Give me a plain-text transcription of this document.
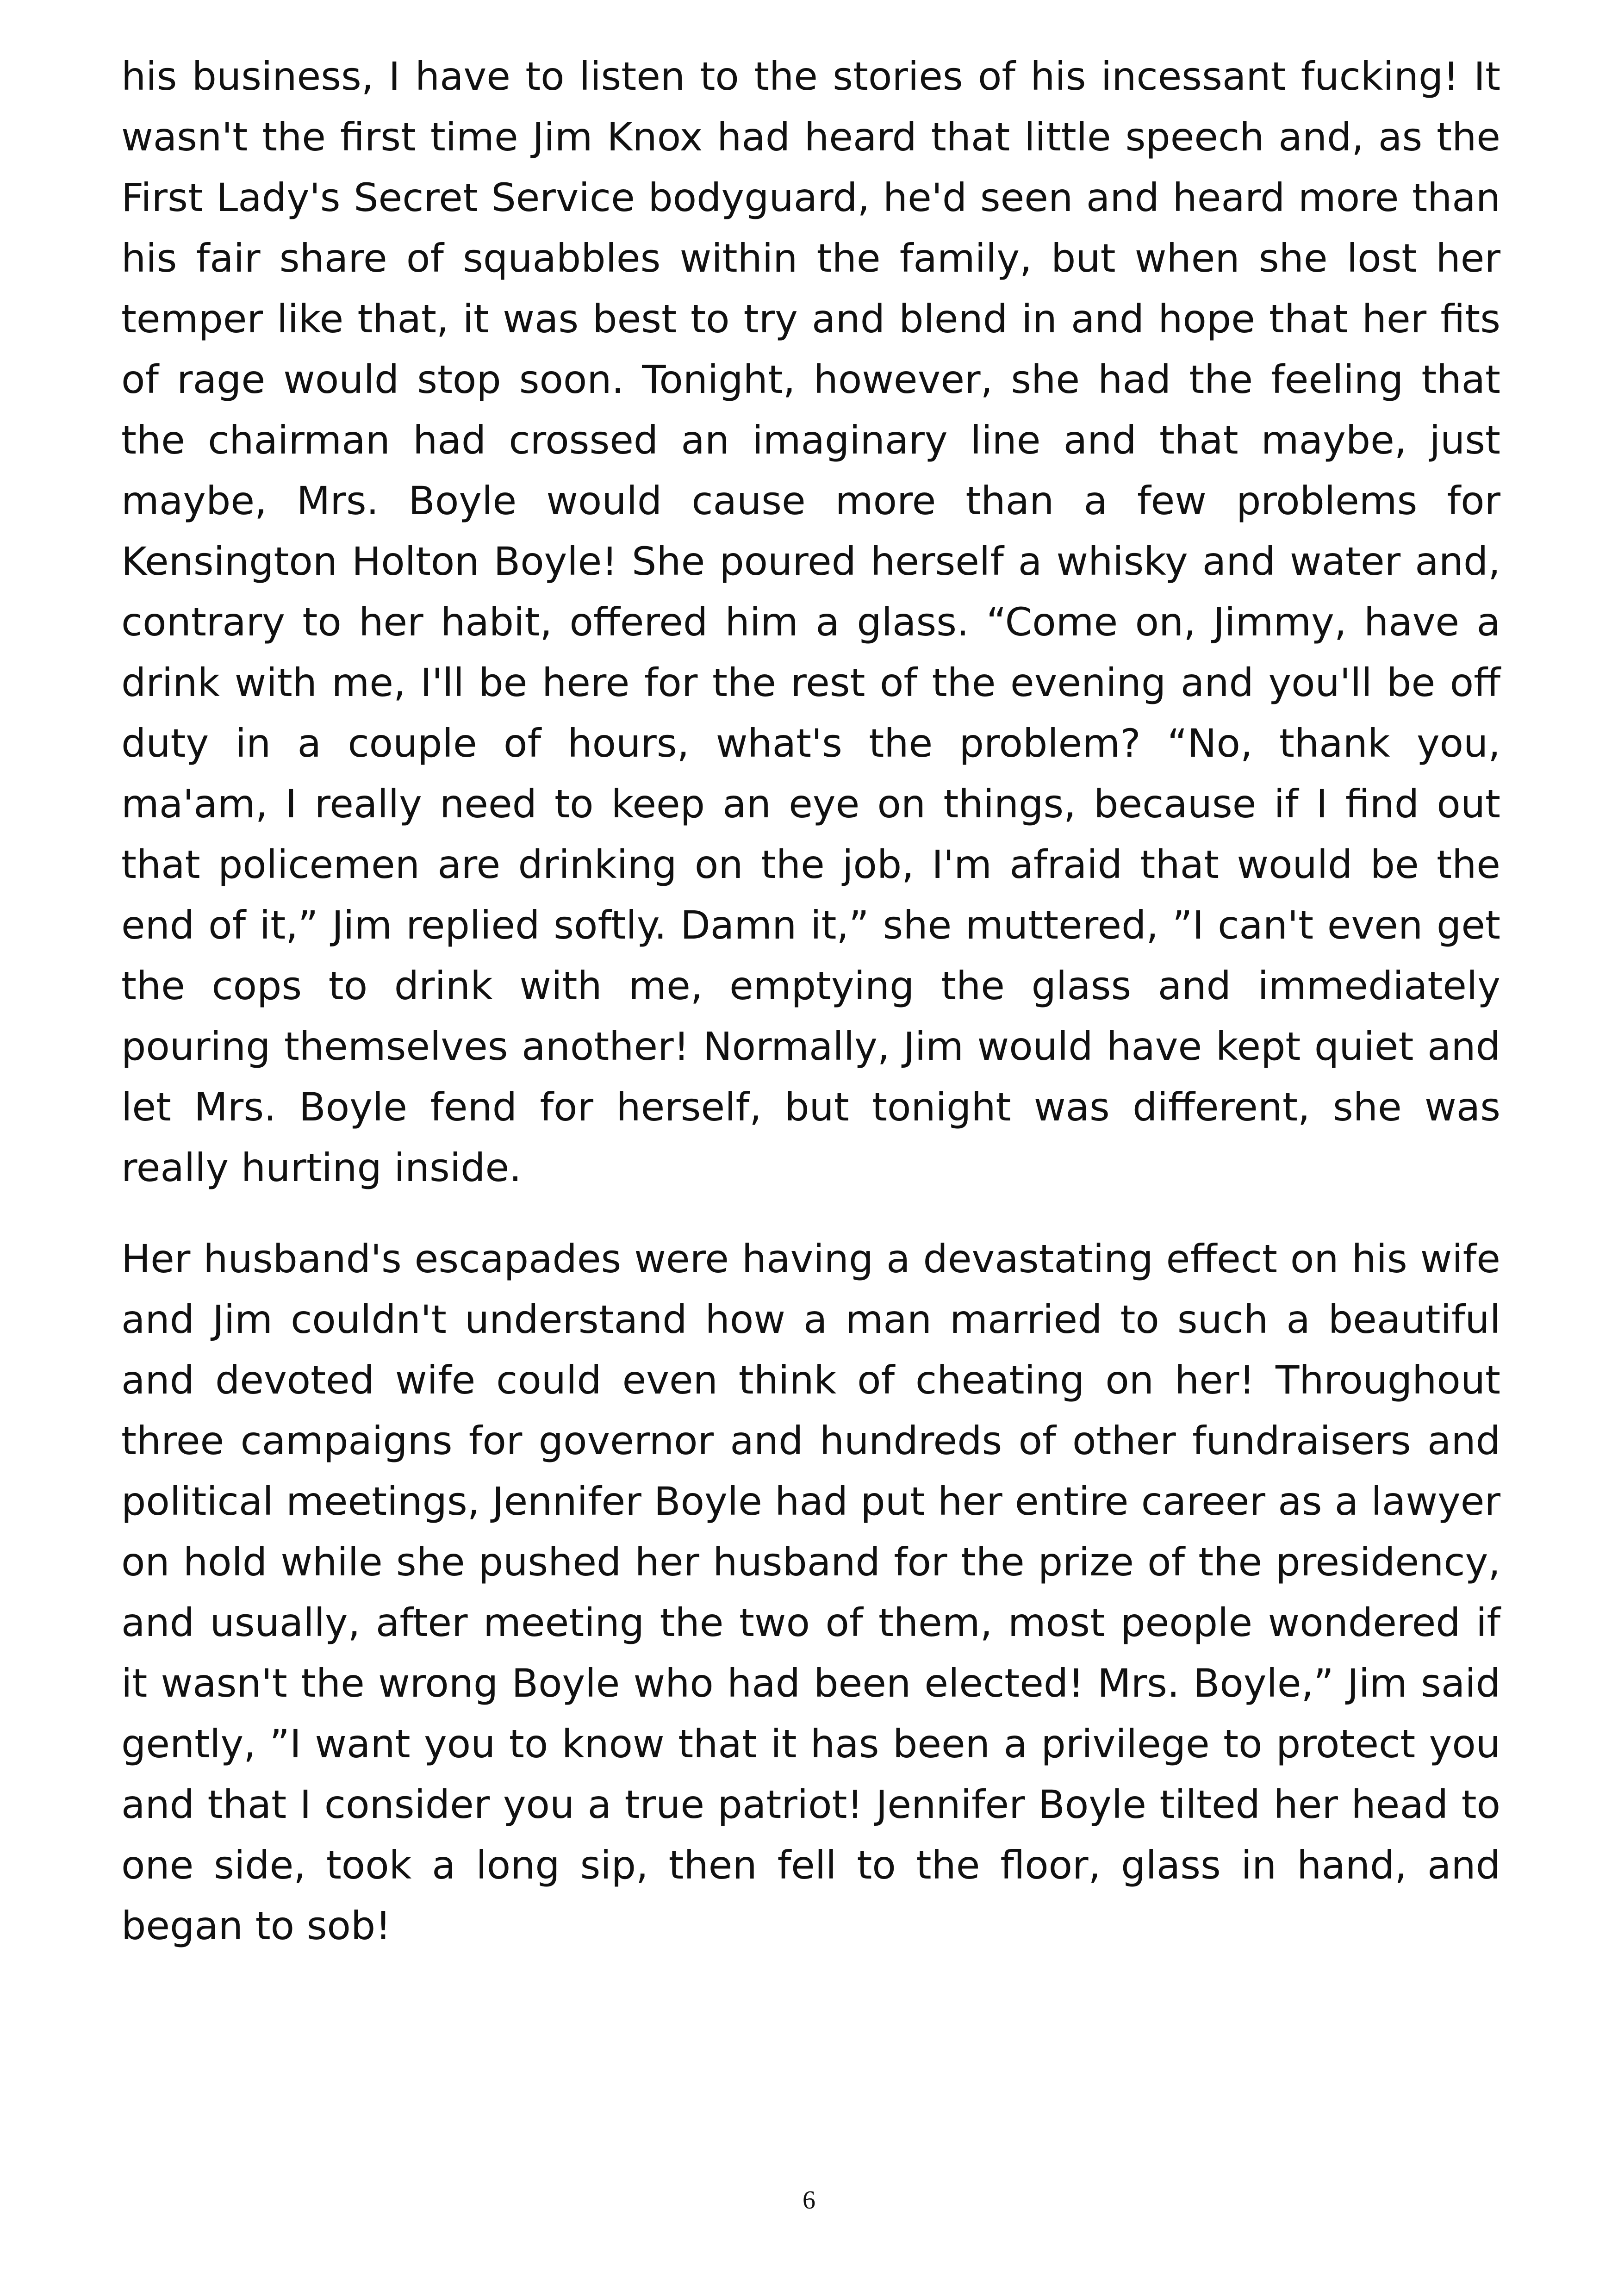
his business, I have to listen to the stories of his incessant fucking! It wasn't the first time Jim Knox had heard that little speech and, as the First Lady's Secret Service bodyguard, he'd seen and heard more than his fair share of squabbles within the family, but when she lost her temper like that, it was best to try and blend in and hope that her fits of rage would stop soon. Tonight, however, she had the feeling that the chairman had crossed an imaginary line and that maybe, just maybe, Mrs. Boyle would cause more than a few problems for Kensington Holton Boyle! She poured herself a whisky and water and, contrary to her habit, offered him a glass. “Come on, Jimmy, have a drink with me, I'll be here for the rest of the evening and you'll be off duty in a couple of hours, what's the problem? “No, thank you, ma'am, I really need to keep an eye on things, because if I find out that policemen are drinking on the job, I'm afraid that would be the end of it,” Jim replied softly. Damn it,” she muttered, ”I can't even get the cops to drink with me, emptying the glass and immediately pouring themselves another! Normally, Jim would have kept quiet and let Mrs. Boyle fend for herself, but tonight was different, she was really hurting inside.

Her husband's escapades were having a devastating effect on his wife and Jim couldn't understand how a man married to such a beautiful and devoted wife could even think of cheating on her! Throughout three campaigns for governor and hundreds of other fundraisers and political meetings, Jennifer Boyle had put her entire career as a lawyer on hold while she pushed her husband for the prize of the presidency, and usually, after meeting the two of them, most people wondered if it wasn't the wrong Boyle who had been elected! Mrs. Boyle,” Jim said gently, ”I want you to know that it has been a privilege to protect you and that I consider you a true patriot! Jennifer Boyle tilted her head to one side, took a long sip, then fell to the floor, glass in hand, and began to sob!

6
